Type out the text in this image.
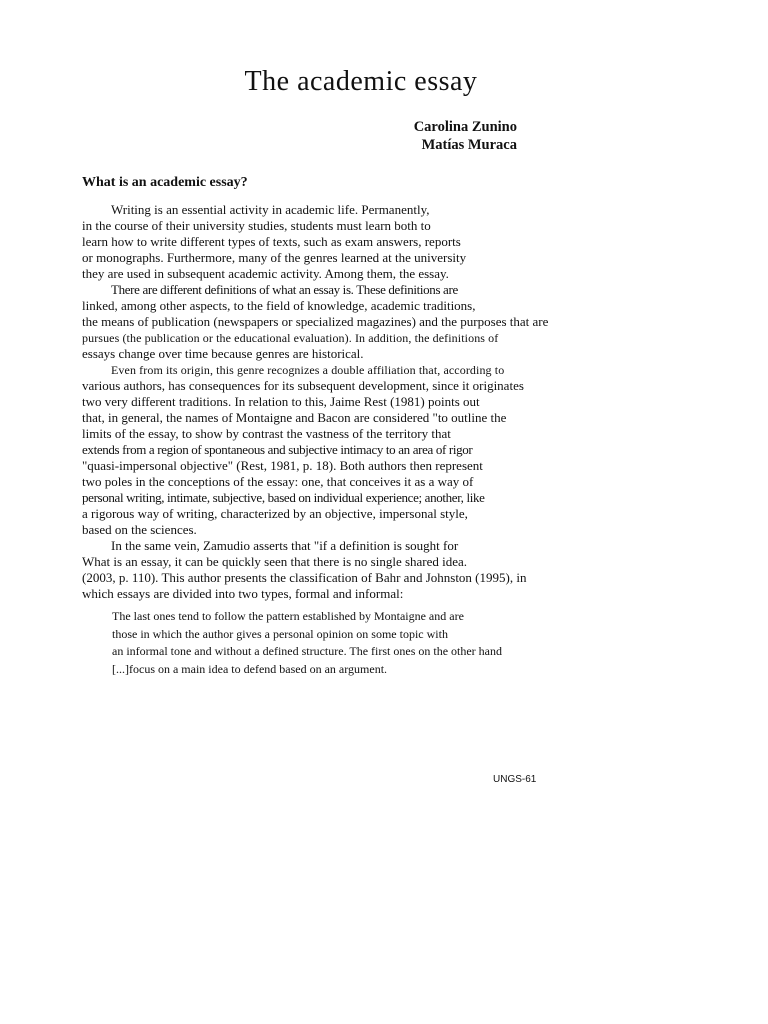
The academic essay
Carolina Zunino
Matías Muraca
What is an academic essay?
Writing is an essential activity in academic life. Permanently,
in the course of their university studies, students must learn both to
learn how to write different types of texts, such as exam answers, reports
or monographs. Furthermore, many of the genres learned at the university
they are used in subsequent academic activity. Among them, the essay.
There are different definitions of what an essay is. These definitions are
linked, among other aspects, to the field of knowledge, academic traditions,
the means of publication (newspapers or specialized magazines) and the purposes that are
pursues (the publication or the educational evaluation). In addition, the definitions of
essays change over time because genres are historical.
Even from its origin, this genre recognizes a double affiliation that, according to
various authors, has consequences for its subsequent development, since it originates
two very different traditions. In relation to this, Jaime Rest (1981) points out
that, in general, the names of Montaigne and Bacon are considered "to outline the
limits of the essay, to show by contrast the vastness of the territory that
extends from a region of spontaneous and subjective intimacy to an area of rigor
"quasi-impersonal objective" (Rest, 1981, p. 18). Both authors then represent
two poles in the conceptions of the essay: one, that conceives it as a way of
personal writing, intimate, subjective, based on individual experience; another, like
a rigorous way of writing, characterized by an objective, impersonal style,
based on the sciences.
In the same vein, Zamudio asserts that "if a definition is sought for
What is an essay, it can be quickly seen that there is no single shared idea.
(2003, p. 110). This author presents the classification of Bahr and Johnston (1995), in
which essays are divided into two types, formal and informal:
The last ones tend to follow the pattern established by Montaigne and are
those in which the author gives a personal opinion on some topic with
an informal tone and without a defined structure. The first ones on the other hand
[...]focus on a main idea to defend based on an argument.
UNGS-61
